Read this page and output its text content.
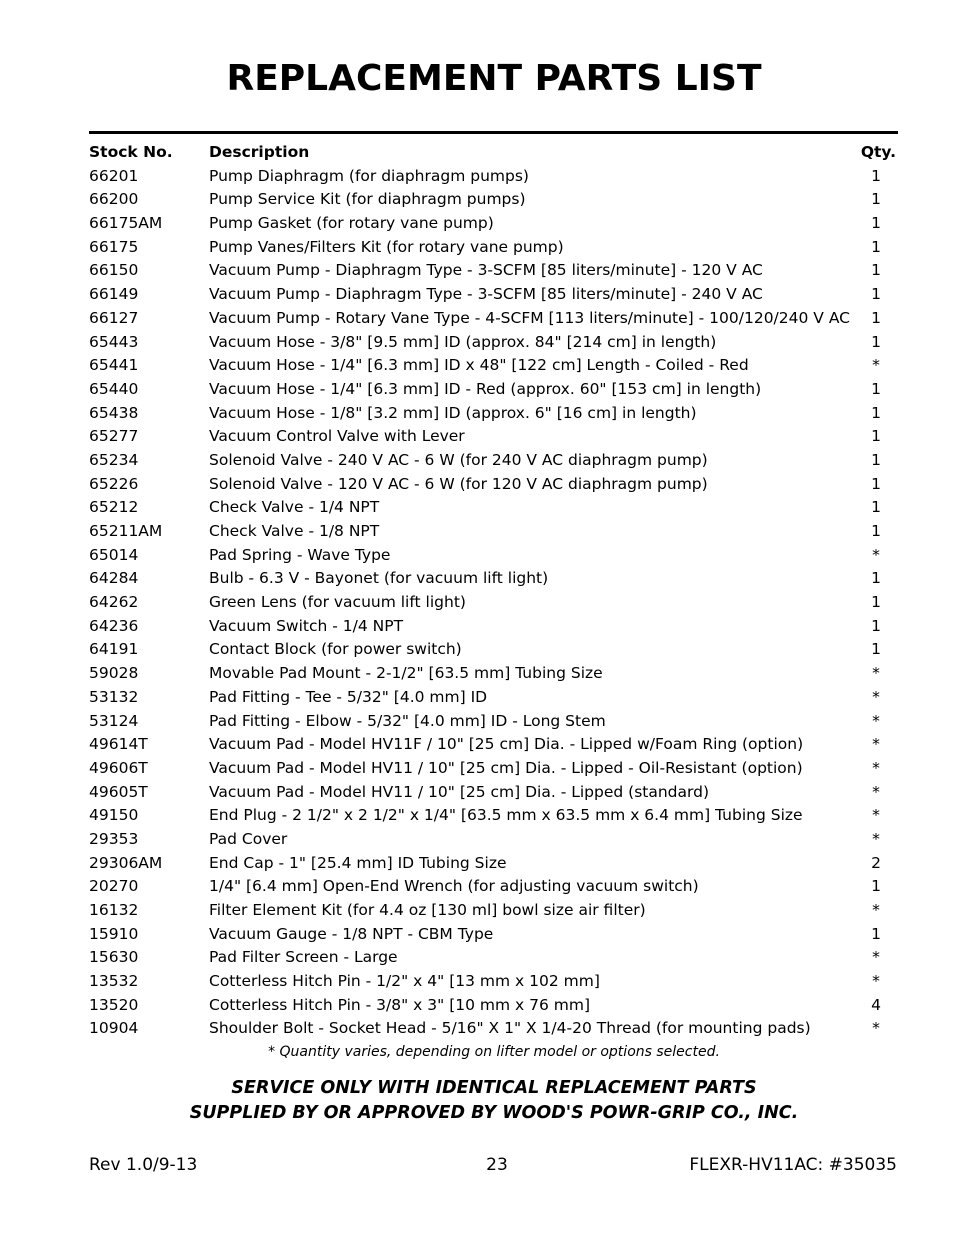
REPLACEMENT PARTS LIST
Stock No.	Description	Qty.
66201	Pump Diaphragm (for diaphragm pumps)	1
66200	Pump Service Kit (for diaphragm pumps)	1
66175AM	Pump Gasket (for rotary vane pump)	1
66175	Pump Vanes/Filters Kit (for rotary vane pump)	1
66150	Vacuum Pump - Diaphragm Type - 3-SCFM [85 liters/minute] - 120 V AC	1
66149	Vacuum Pump - Diaphragm Type - 3-SCFM [85 liters/minute] - 240 V AC	1
66127	Vacuum Pump - Rotary Vane Type - 4-SCFM [113 liters/minute] - 100/120/240 V AC	1
65443	Vacuum Hose - 3/8" [9.5 mm] ID (approx. 84" [214 cm] in length)	1
65441	Vacuum Hose - 1/4" [6.3 mm] ID x 48" [122 cm] Length - Coiled - Red	*
65440	Vacuum Hose - 1/4" [6.3 mm] ID - Red (approx. 60" [153 cm] in length)	1
65438	Vacuum Hose - 1/8" [3.2 mm] ID (approx. 6" [16 cm] in length)	1
65277	Vacuum Control Valve with Lever	1
65234	Solenoid Valve - 240 V AC - 6 W (for 240 V AC diaphragm pump)	1
65226	Solenoid Valve - 120 V AC - 6 W (for 120 V AC diaphragm pump)	1
65212	Check Valve - 1/4 NPT	1
65211AM	Check Valve - 1/8 NPT	1
65014	Pad Spring - Wave Type	*
64284	Bulb - 6.3 V - Bayonet (for vacuum lift light)	1
64262	Green Lens (for vacuum lift light)	1
64236	Vacuum Switch - 1/4 NPT	1
64191	Contact Block (for power switch)	1
59028	Movable Pad Mount - 2-1/2" [63.5 mm] Tubing Size	*
53132	Pad Fitting - Tee - 5/32" [4.0 mm] ID	*
53124	Pad Fitting - Elbow - 5/32" [4.0 mm] ID - Long Stem	*
49614T	Vacuum Pad - Model HV11F / 10" [25 cm] Dia. - Lipped w/Foam Ring (option)	*
49606T	Vacuum Pad - Model HV11 / 10" [25 cm] Dia. - Lipped - Oil-Resistant (option)	*
49605T	Vacuum Pad - Model HV11 / 10" [25 cm] Dia. - Lipped (standard)	*
49150	End Plug - 2 1/2" x 2 1/2" x 1/4" [63.5 mm x 63.5 mm x 6.4 mm] Tubing Size	*
29353	Pad Cover	*
29306AM	End Cap - 1" [25.4 mm] ID Tubing Size	2
20270	1/4" [6.4 mm] Open-End Wrench (for adjusting vacuum switch)	1
16132	Filter Element Kit (for 4.4 oz [130 ml] bowl size air filter)	*
15910	Vacuum Gauge - 1/8 NPT - CBM Type	1
15630	Pad Filter Screen - Large	*
13532	Cotterless Hitch Pin - 1/2" x 4" [13 mm x 102 mm]	*
13520	Cotterless Hitch Pin - 3/8" x 3" [10 mm x 76 mm]	4
10904	Shoulder Bolt - Socket Head - 5/16" X 1" X 1/4-20 Thread (for mounting pads)	*
* Quantity varies, depending on lifter model or options selected.
SERVICE ONLY WITH IDENTICAL REPLACEMENT PARTS
SUPPLIED BY OR APPROVED BY WOOD'S POWR-GRIP CO., INC.
Rev 1.0/9-13	23	FLEXR-HV11AC: #35035
